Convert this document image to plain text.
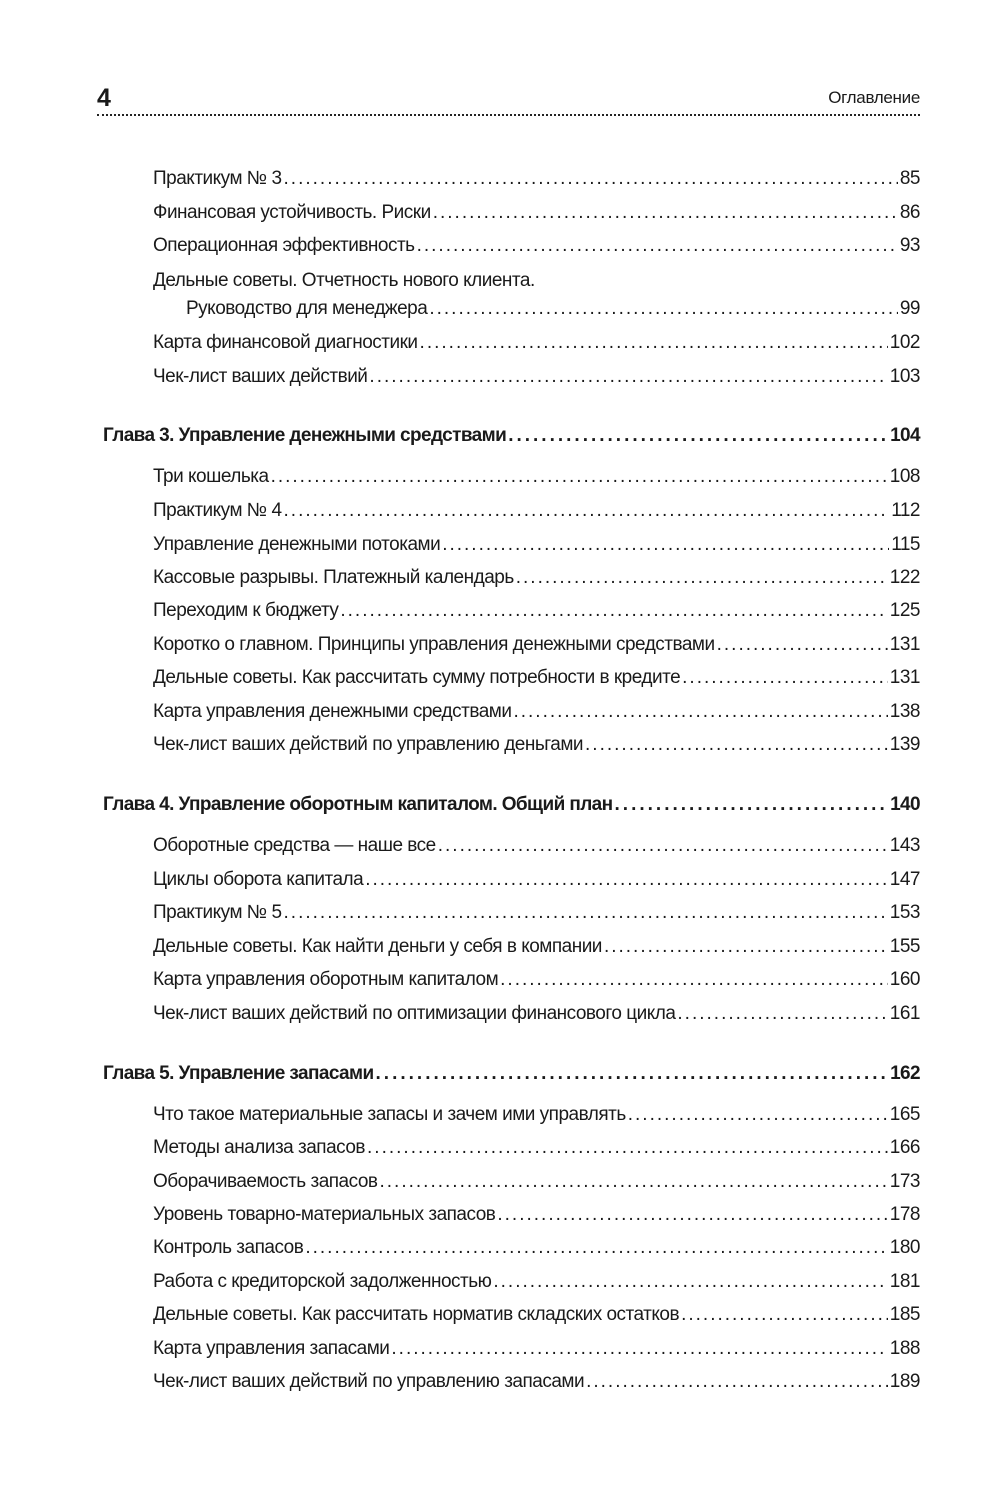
4	Оглавление
Практикум № 3 .....	85
Финансовая устойчивость. Риски .....	86
Операционная эффективность .....	93
Дельные советы. Отчетность нового клиента.
Руководство для менеджера .....	99
Карта финансовой диагностики .....	102
Чек-лист ваших действий .....	103
Глава 3. Управление денежными средствами .....	104
Три кошелька .....	108
Практикум № 4 .....	112
Управление денежными потоками .....	115
Кассовые разрывы. Платежный календарь .....	122
Переходим к бюджету .....	125
Коротко о главном. Принципы управления денежными средствами .....	131
Дельные советы. Как рассчитать сумму потребности в кредите .....	131
Карта управления денежными средствами .....	138
Чек-лист ваших действий по управлению деньгами .....	139
Глава 4. Управление оборотным капиталом. Общий план .....	140
Оборотные средства — наше все .....	143
Циклы оборота капитала .....	147
Практикум № 5 .....	153
Дельные советы. Как найти деньги у себя в компании .....	155
Карта управления оборотным капиталом .....	160
Чек-лист ваших действий по оптимизации финансового цикла .....	161
Глава 5. Управление запасами .....	162
Что такое материальные запасы и зачем ими управлять .....	165
Методы анализа запасов .....	166
Оборачиваемость запасов .....	173
Уровень товарно-материальных запасов .....	178
Контроль запасов .....	180
Работа с кредиторской задолженностью .....	181
Дельные советы. Как рассчитать норматив складских остатков .....	185
Карта управления запасами .....	188
Чек-лист ваших действий по управлению запасами .....	189
